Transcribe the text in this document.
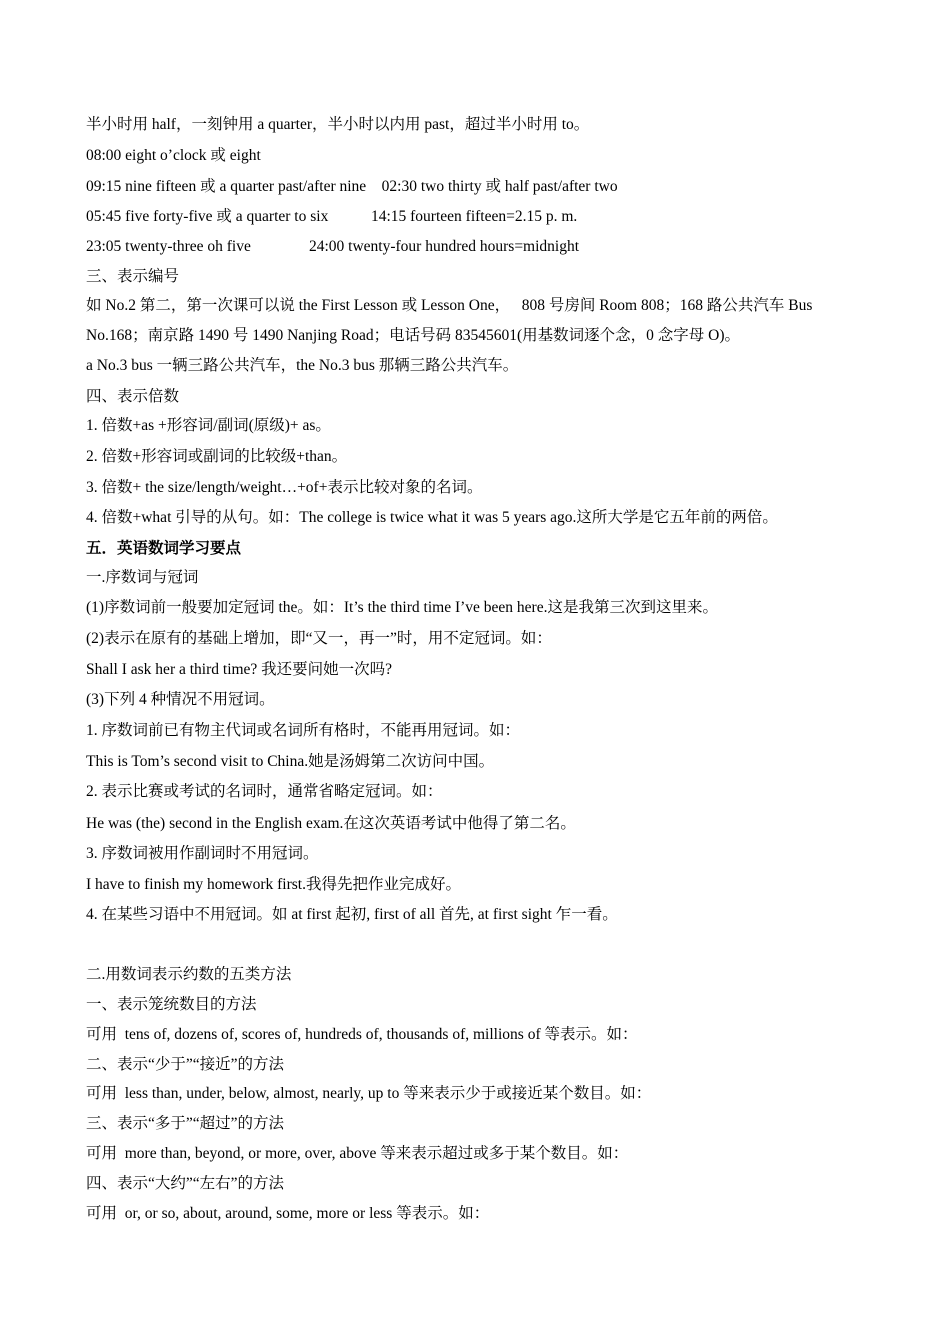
半小时用 half，一刻钟用 a quarter，半小时以内用 past，超过半小时用 to。
08:00 eight o’clock 或 eight
09:15 nine fifteen 或 a quarter past/after nine    02:30 two thirty 或 half past/after two
05:45 five forty-five 或 a quarter to six           14:15 fourteen fifteen=2.15 p. m.
23:05 twenty-three oh five               24:00 twenty-four hundred hours=midnight
三、表示编号
如 No.2 第二，第一次课可以说 the First Lesson 或 Lesson One，   808 号房间 Room 808；168 路公共汽车 Bus
No.168；南京路 1490 号 1490 Nanjing Road；电话号码 83545601(用基数词逐个念，0 念字母 O)。
a No.3 bus 一辆三路公共汽车，the No.3 bus 那辆三路公共汽车。
四、表示倍数
1. 倍数+as +形容词/副词(原级)+ as。
2. 倍数+形容词或副词的比较级+than。
3. 倍数+ the size/length/weight…+of+表示比较对象的名词。
4. 倍数+what 引导的从句。如：The college is twice what it was 5 years ago.这所大学是它五年前的两倍。
五．英语数词学习要点
一.序数词与冠词
(1)序数词前一般要加定冠词 the。如：It’s the third time I’ve been here.这是我第三次到这里来。
(2)表示在原有的基础上增加，即“又一，再一”时，用不定冠词。如：
Shall I ask her a third time? 我还要问她一次吗?
(3)下列 4 种情况不用冠词。
1. 序数词前已有物主代词或名词所有格时，不能再用冠词。如：
This is Tom’s second visit to China.她是汤姆第二次访问中国。
2. 表示比赛或考试的名词时，通常省略定冠词。如：
He was (the) second in the English exam.在这次英语考试中他得了第二名。
3. 序数词被用作副词时不用冠词。
I have to finish my homework first.我得先把作业完成好。
4. 在某些习语中不用冠词。如 at first 起初, first of all 首先, at first sight 乍一看。
二.用数词表示约数的五类方法
一、表示笼统数目的方法
可用  tens of, dozens of, scores of, hundreds of, thousands of, millions of 等表示。如：
二、表示“少于”“接近”的方法
可用  less than, under, below, almost, nearly, up to 等来表示少于或接近某个数目。如：
三、表示“多于”“超过”的方法
可用  more than, beyond, or more, over, above 等来表示超过或多于某个数目。如：
四、表示“大约”“左右”的方法
可用  or, or so, about, around, some, more or less 等表示。如：
